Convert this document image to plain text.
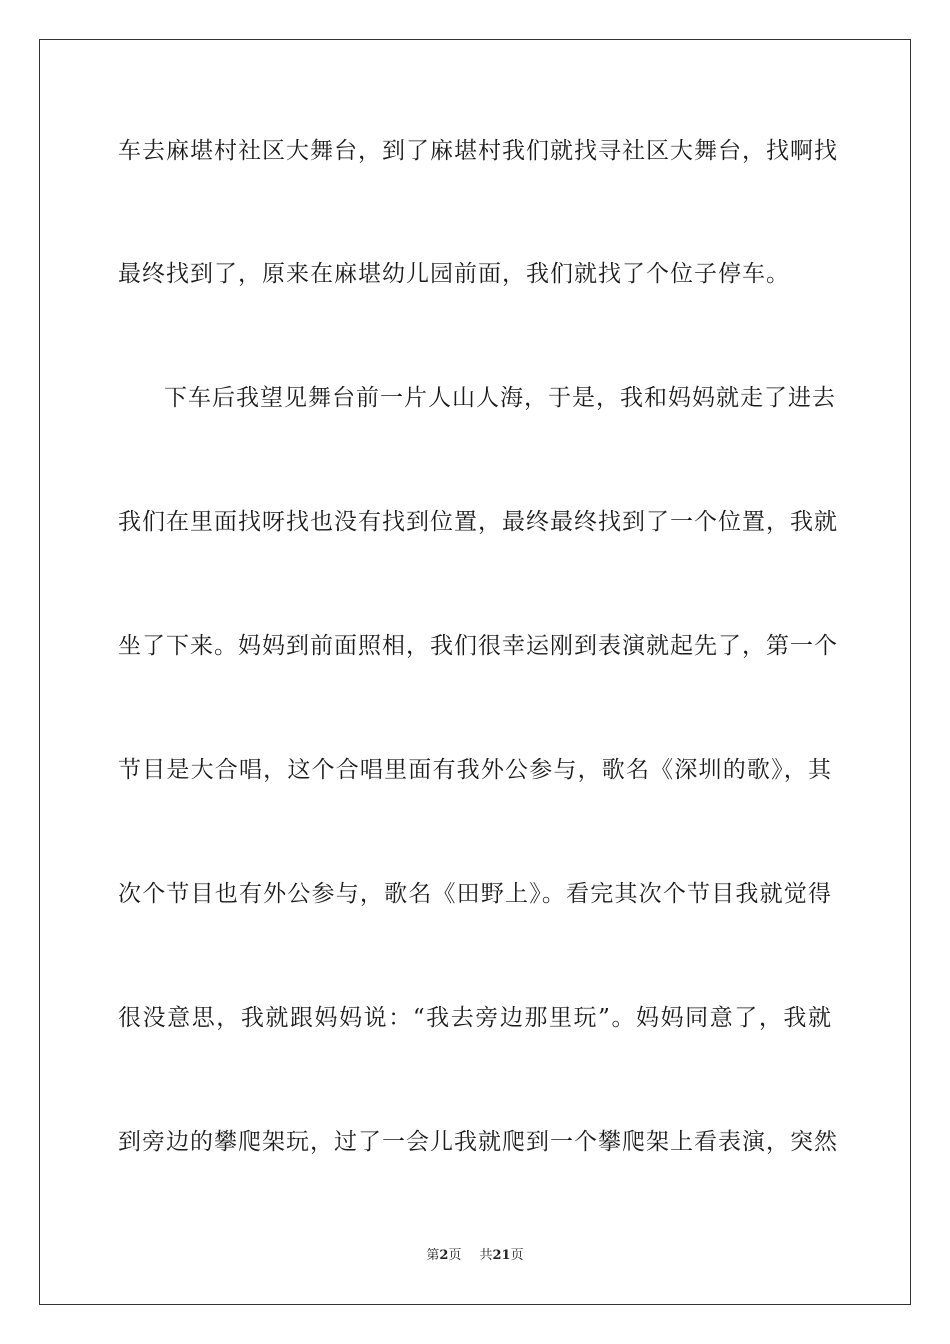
车去麻堪村社区大舞台，到了麻堪村我们就找寻社区大舞台，找啊找
最终找到了，原来在麻堪幼儿园前面，我们就找了个位子停车。
下车后我望见舞台前一片人山人海，于是，我和妈妈就走了进去
我们在里面找呀找也没有找到位置，最终最终找到了一个位置，我就
坐了下来。妈妈到前面照相，我们很幸运刚到表演就起先了，第一个
节目是大合唱，这个合唱里面有我外公参与，歌名《深圳的歌》，其
次个节目也有外公参与，歌名《田野上》。看完其次个节目我就觉得
很没意思，我就跟妈妈说：“我去旁边那里玩”。妈妈同意了，我就
到旁边的攀爬架玩，过了一会儿我就爬到一个攀爬架上看表演，突然
第2页 共21页
